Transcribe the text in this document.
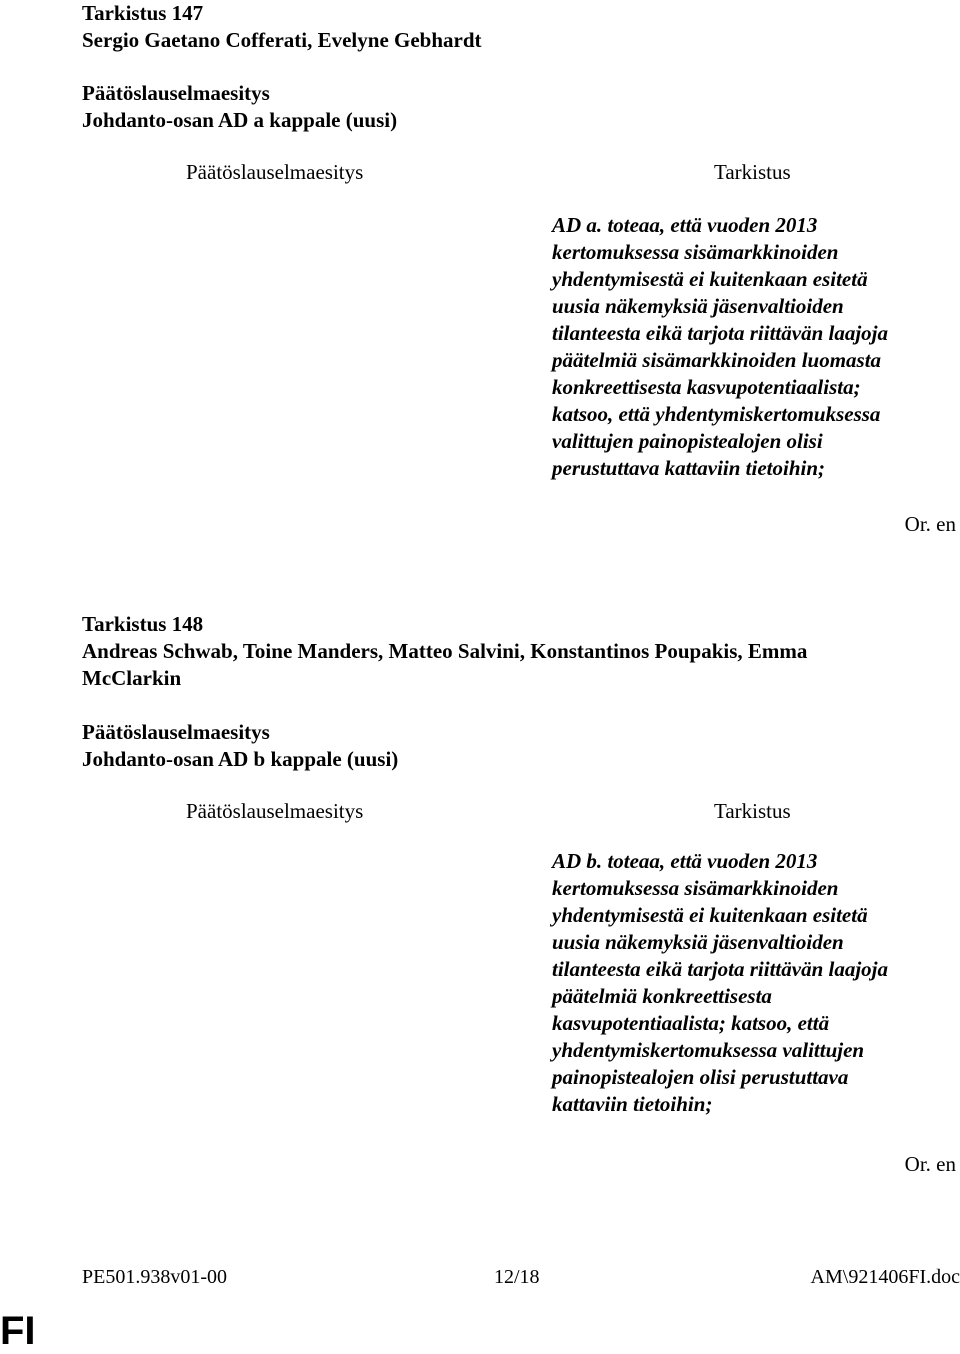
Tarkistus 147
Sergio Gaetano Cofferati, Evelyne Gebhardt
Päätöslauselmaesitys
Johdanto-osan AD a kappale (uusi)
Päätöslauselmaesitys	Tarkistus
AD a. toteaa, että vuoden 2013
kertomuksessa sisämarkkinoiden
yhdentymisestä ei kuitenkaan esitetä
uusia näkemyksiä jäsenvaltioiden
tilanteesta eikä tarjota riittävän laajoja
päätelmiä sisämarkkinoiden luomasta
konkreettisesta kasvupotentiaalista;
katsoo, että yhdentymiskertomuksessa
valittujen painopistealojen olisi
perustuttava kattaviin tietoihin;
Or. en
Tarkistus 148
Andreas Schwab, Toine Manders, Matteo Salvini, Konstantinos Poupakis, Emma
McClarkin
Päätöslauselmaesitys
Johdanto-osan AD b kappale (uusi)
Päätöslauselmaesitys	Tarkistus
AD b. toteaa, että vuoden 2013
kertomuksessa sisämarkkinoiden
yhdentymisestä ei kuitenkaan esitetä
uusia näkemyksiä jäsenvaltioiden
tilanteesta eikä tarjota riittävän laajoja
päätelmiä konkreettisesta
kasvupotentiaalista; katsoo, että
yhdentymiskertomuksessa valittujen
painopistealojen olisi perustuttava
kattaviin tietoihin;
Or. en
PE501.938v01-00	12/18	AM\921406FI.doc
FI
